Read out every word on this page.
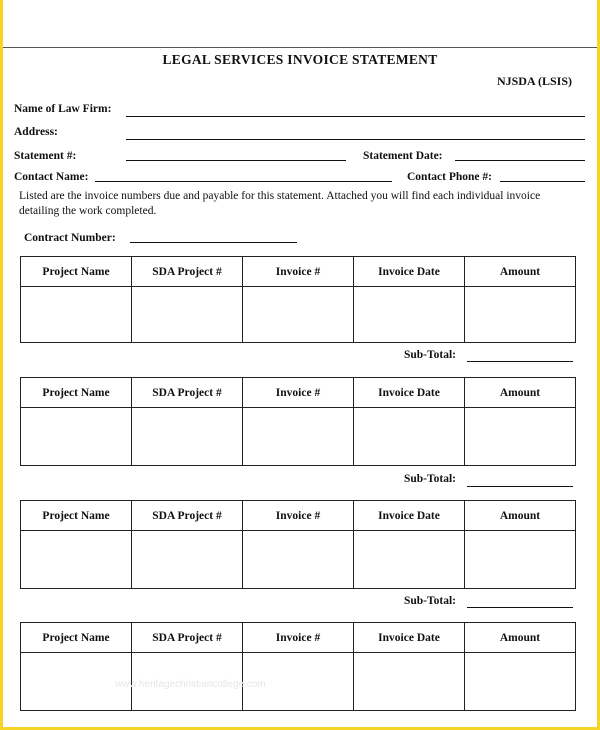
LEGAL SERVICES INVOICE STATEMENT
NJSDA (LSIS)
Name of Law Firm:
Address:
Statement #:	Statement Date:
Contact Name:	Contact Phone #:
Listed are the invoice numbers due and payable for this statement. Attached you will find each individual invoice detailing the work completed.
Contract Number:
Project Name	SDA Project #	Invoice #	Invoice Date	Amount

Sub-Total:
Project Name	SDA Project #	Invoice #	Invoice Date	Amount

Sub-Total:
Project Name	SDA Project #	Invoice #	Invoice Date	Amount

Sub-Total:
Project Name	SDA Project #	Invoice #	Invoice Date	Amount

www.heritagechristiancollege.com
